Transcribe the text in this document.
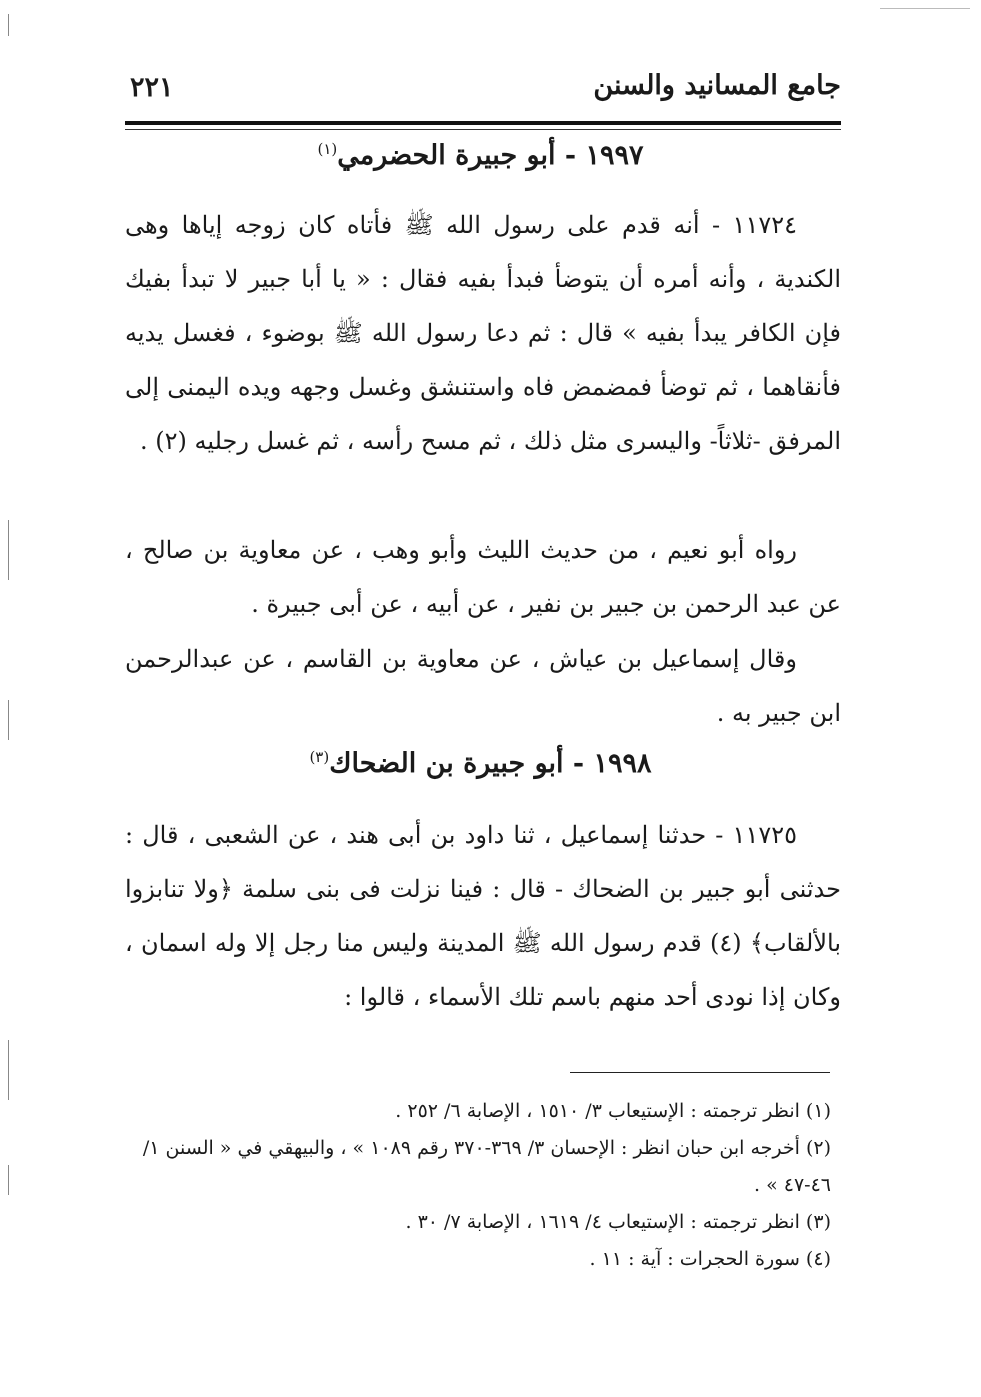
جامع المسانيد والسنن
٢٢١
١٩٩٧ - أبو جبيرة الحضرمي$^{(١)}$

١١٧٢٤ - أنه قدم على رسول الله ﷺ فأتاه كان زوجه إياها وهى الكندية ، وأنه أمره أن يتوضأ فبدأ بفيه فقال : « يا أبا جبير لا تبدأ بفيك فإن الكافر يبدأ بفيه » قال : ثم دعا رسول الله ﷺ بوضوء ، فغسل يديه فأنقاهما ، ثم توضأ فمضمض فاه واستنشق وغسل وجهه ويده اليمنى إلى المرفق -ثلاثاً- واليسرى مثل ذلك ، ثم مسح رأسه ، ثم غسل رجليه (٢) .

رواه أبو نعيم ، من حديث الليث وأبو وهب ، عن معاوية بن صالح ، عن عبد الرحمن بن جبير بن نفير ، عن أبيه ، عن أبى جبيرة .

وقال إسماعيل بن عياش ، عن معاوية بن القاسم ، عن عبدالرحمن ابن جبير به .

١٩٩٨ - أبو جبيرة بن الضحاك$^{(٣)}$

١١٧٢٥ - حدثنا إسماعيل ، ثنا داود بن أبى هند ، عن الشعبى ، قال : حدثنى أبو جبير بن الضحاك - قال : فينا نزلت فى بنى سلمة ﴿ولا تنابزوا بالألقاب﴾ (٤) قدم رسول الله ﷺ المدينة وليس منا رجل إلا وله اسمان ، وكان إذا نودى أحد منهم باسم تلك الأسماء ، قالوا :

(١) انظر ترجمته : الإستيعاب ٣/ ١٥١٠ ، الإصابة ٦/ ٢٥٢ .
(٢) أخرجه ابن حبان انظر : الإحسان ٣/ ٣٦٩-٣٧٠ رقم ١٠٨٩ » ، والبيهقي في « السنن ١/ ٤٦-٤٧ » .
(٣) انظر ترجمته : الإستيعاب ٤/ ١٦١٩ ، الإصابة ٧/ ٣٠ .
(٤) سورة الحجرات : آية : ١١ .
